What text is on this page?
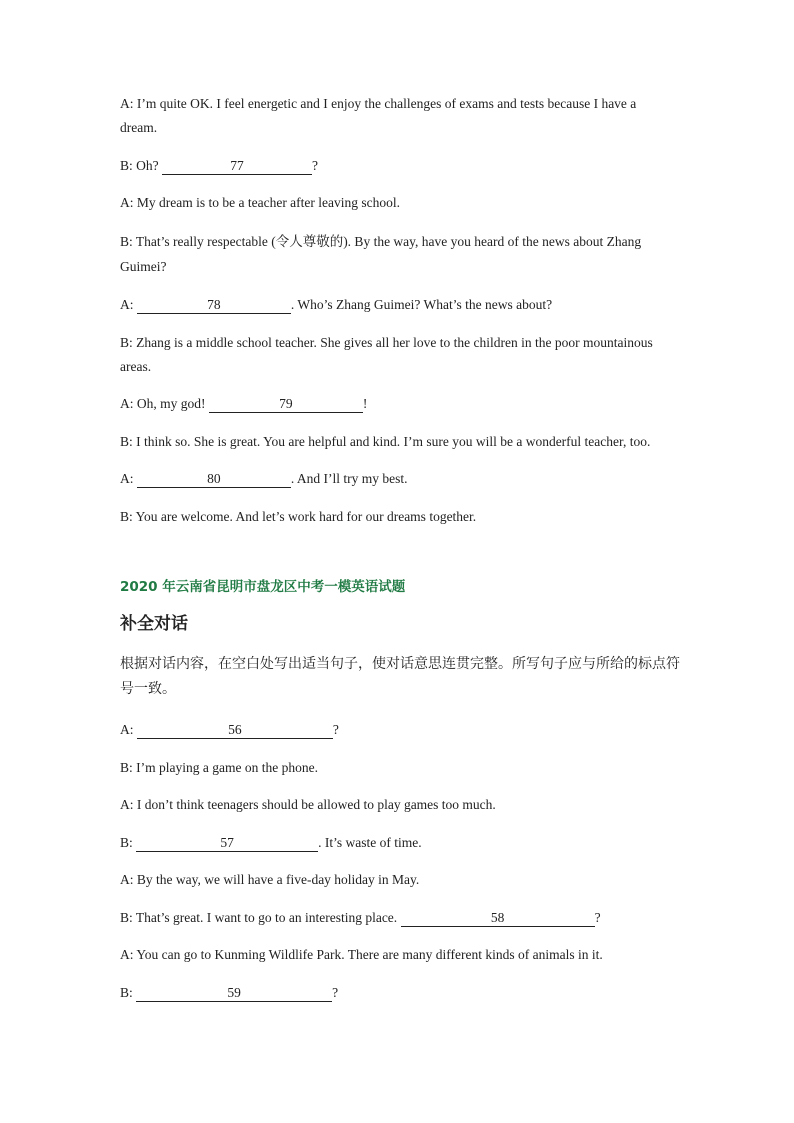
A: I’m quite OK. I feel energetic and I enjoy the challenges of exams and tests because I have a
dream.
B: Oh?	77	?
A: My dream is to be a teacher after leaving school.
B: That’s really respectable (令人尊敬的). By the way, have you heard of the news about Zhang
Guimei?
A:	78	. Who’s Zhang Guimei? What’s the news about?
B: Zhang is a middle school teacher. She gives all her love to the children in the poor mountainous
areas.
A: Oh, my god!	79	!
B: I think so. She is great. You are helpful and kind. I’m sure you will be a wonderful teacher, too.
A:	80	. And I’ll try my best.
B: You are welcome. And let’s work hard for our dreams together.
2020 年云南省昆明市盘龙区中考一模英语试题
补全对话
根据对话内容，在空白处写出适当句子，使对话意思连贯完整。所写句子应与所给的标点符号一致。
A:	56	?
B: I’m playing a game on the phone.
A: I don’t think teenagers should be allowed to play games too much.
B:	57	. It’s waste of time.
A: By the way, we will have a five-day holiday in May.
B: That’s great. I want to go to an interesting place.	58	?
A: You can go to Kunming Wildlife Park. There are many different kinds of animals in it.
B:	59	?
